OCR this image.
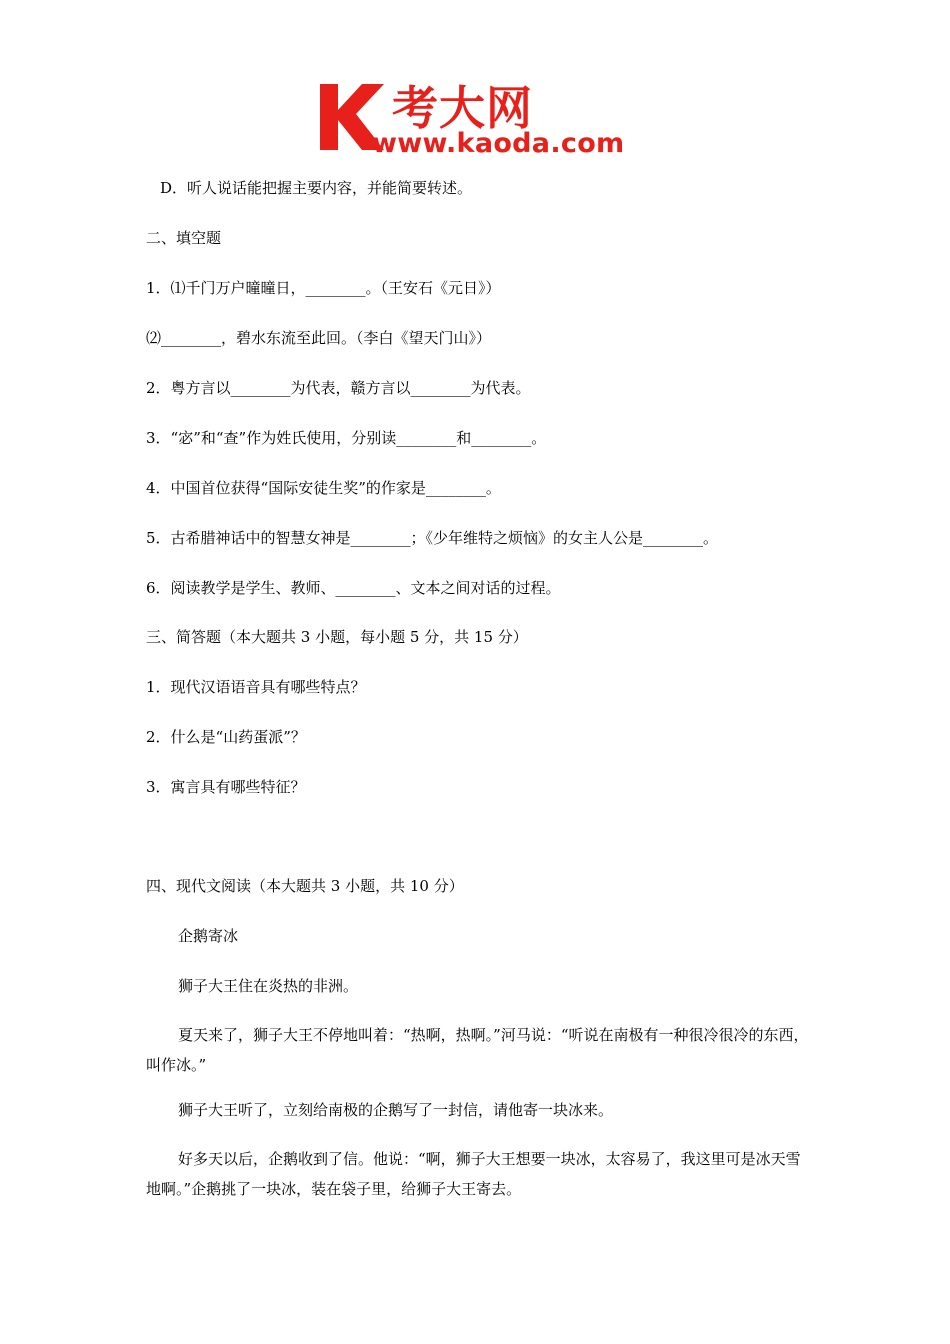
考大网
www.kaoda.com

D．听人说话能把握主要内容，并能简要转述。

二、填空题

1．⑴千门万户曈曈日，________。（王安石《元日》）

⑵________，碧水东流至此回。（李白《望天门山》）

2．粤方言以________为代表，赣方言以________为代表。

3．“宓”和“查”作为姓氏使用，分别读________和________。

4．中国首位获得“国际安徒生奖”的作家是________。

5．古希腊神话中的智慧女神是________；《少年维特之烦恼》的女主人公是________。

6．阅读教学是学生、教师、________、文本之间对话的过程。

三、简答题（本大题共 3 小题，每小题 5 分，共 15 分）

1．现代汉语语音具有哪些特点？

2．什么是“山药蛋派”？

3．寓言具有哪些特征？

四、现代文阅读（本大题共 3 小题，共 10 分）

企鹅寄冰

狮子大王住在炎热的非洲。

夏天来了，狮子大王不停地叫着：“热啊，热啊。”河马说：“听说在南极有一种很冷很冷的东西，叫作冰。”

狮子大王听了，立刻给南极的企鹅写了一封信，请他寄一块冰来。

好多天以后，企鹅收到了信。他说：“啊，狮子大王想要一块冰，太容易了，我这里可是冰天雪地啊。”企鹅挑了一块冰，装在袋子里，给狮子大王寄去。
